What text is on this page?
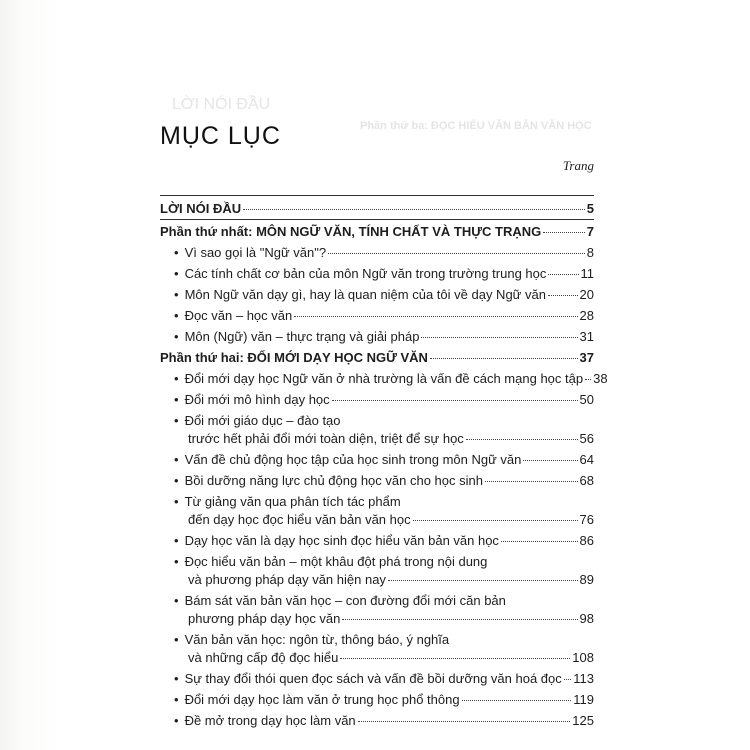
LỜI NÓI ĐẦU
Phần thứ ba: ĐỌC HIỂU VĂN BẢN VĂN HỌC
MỤC LỤC
Trang
LỜI NÓI ĐẦU	5
Phần thứ nhất: MÔN NGỮ VĂN, TÍNH CHẤT VÀ THỰC TRẠNG	7
• Vì sao gọi là "Ngữ văn"?	8
• Các tính chất cơ bản của môn Ngữ văn trong trường trung học	11
• Môn Ngữ văn dạy gì, hay là quan niệm của tôi về dạy Ngữ văn	20
• Đọc văn – học văn	28
• Môn (Ngữ) văn – thực trạng và giải pháp	31
Phần thứ hai: ĐỔI MỚI DẠY HỌC NGỮ VĂN	37
• Đổi mới dạy học Ngữ văn ở nhà trường là vấn đề cách mạng học tập 38
• Đổi mới mô hình dạy học	50
• Đổi mới giáo dục – đào tạo
trước hết phải đổi mới toàn diện, triệt để sự học	56
• Vấn đề chủ động học tập của học sinh trong môn Ngữ văn	64
• Bồi dưỡng năng lực chủ động học văn cho học sinh	68
• Từ giảng văn qua phân tích tác phẩm
đến dạy học đọc hiểu văn bản văn học	76
• Dạy học văn là dạy học sinh đọc hiểu văn bản văn học	86
• Đọc hiểu văn bản – một khâu đột phá trong nội dung
và phương pháp dạy văn hiện nay	89
• Bám sát văn bản văn học – con đường đổi mới căn bản
phương pháp dạy học văn	98
• Văn bản văn học: ngôn từ, thông báo, ý nghĩa
và những cấp độ đọc hiểu	108
• Sự thay đổi thói quen đọc sách và vấn đề bồi dưỡng văn hoá đọc 113
• Đổi mới dạy học làm văn ở trung học phổ thông	119
• Đề mở trong dạy học làm văn	125
